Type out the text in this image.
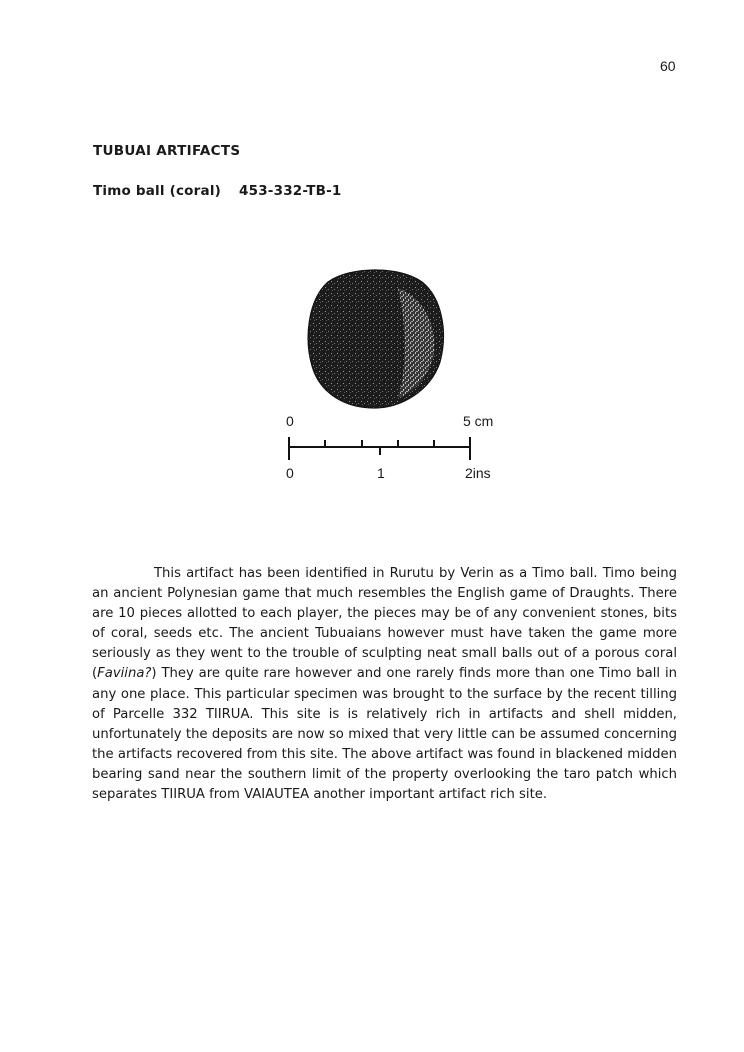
60
TUBUAI ARTIFACTS
Timo ball (coral) 453-332-TB-1
0	5 cm
0	1	2ins

This artifact has been identified in Rurutu by Verin as a Timo ball. Timo being an ancient Polynesian game that much resembles the English game of Draughts. There are 10 pieces allotted to each player, the pieces may be of any convenient stones, bits of coral, seeds etc. The ancient Tubuaians however must have taken the game more seriously as they went to the trouble of sculpting neat small balls out of a porous coral (Faviina?) They are quite rare however and one rarely finds more than one Timo ball in any one place. This particular specimen was brought to the surface by the recent tilling of Parcelle 332 TIIRUA. This site is is relatively rich in artifacts and shell midden, unfortunately the deposits are now so mixed that very little can be assumed concerning the artifacts recovered from this site. The above artifact was found in blackened midden bearing sand near the southern limit of the property overlooking the taro patch which separates TIIRUA from VAIAUTEA another important artifact rich site.
